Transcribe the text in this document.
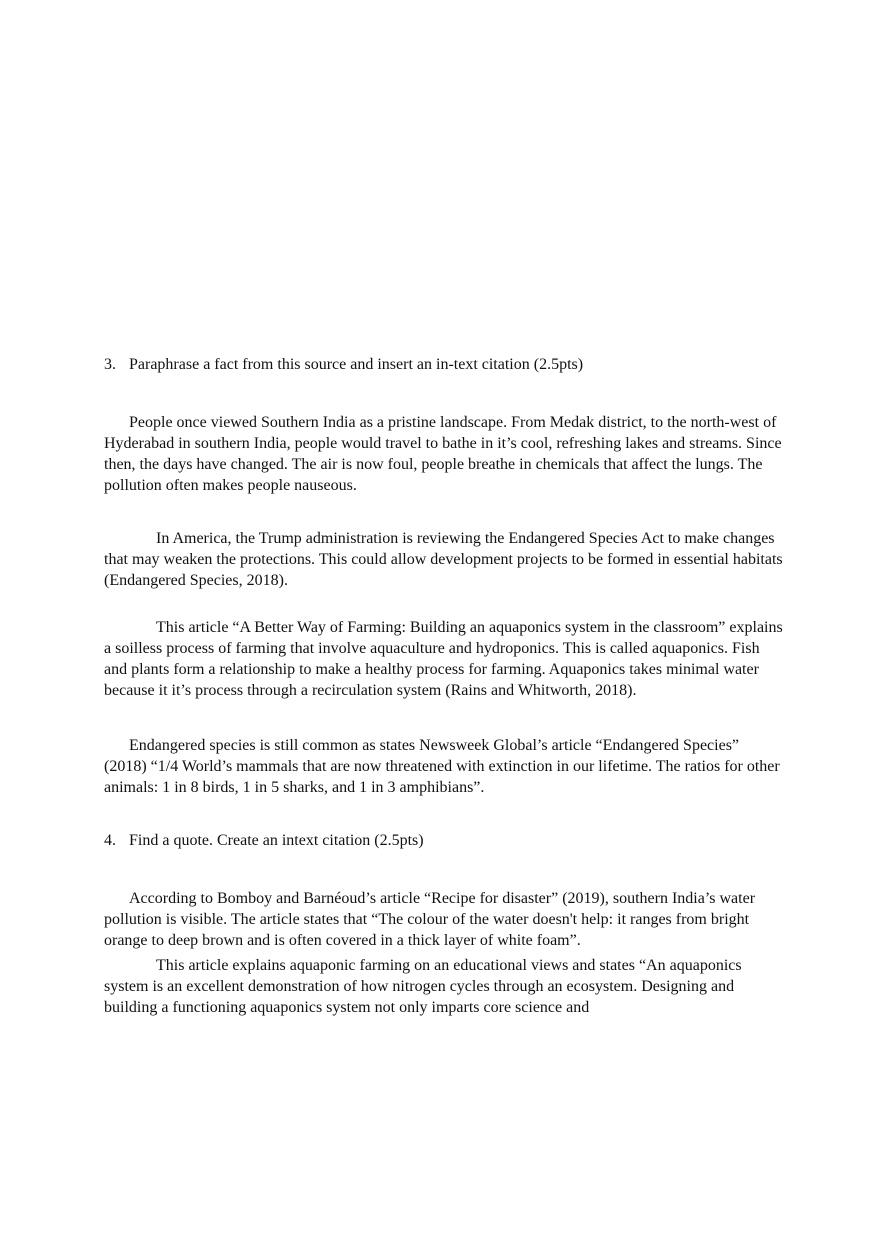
3. Paraphrase a fact from this source and insert an in-text citation (2.5pts)

People once viewed Southern India as a pristine landscape. From Medak district, to the north-west of Hyderabad in southern India, people would travel to bathe in it’s cool, refreshing lakes and streams. Since then, the days have changed. The air is now foul, people breathe in chemicals that affect the lungs. The pollution often makes people nauseous.

In America, the Trump administration is reviewing the Endangered Species Act to make changes that may weaken the protections. This could allow development projects to be formed in essential habitats (Endangered Species, 2018).

This article “A Better Way of Farming: Building an aquaponics system in the classroom” explains a soilless process of farming that involve aquaculture and hydroponics. This is called aquaponics. Fish and plants form a relationship to make a healthy process for farming. Aquaponics takes minimal water because it it’s process through a recirculation system (Rains and Whitworth, 2018).

Endangered species is still common as states Newsweek Global’s article “Endangered Species” (2018) “1/4 World’s mammals that are now threatened with extinction in our lifetime. The ratios for other animals: 1 in 8 birds, 1 in 5 sharks, and 1 in 3 amphibians”.

4. Find a quote. Create an intext citation (2.5pts)

According to Bomboy and Barnéoud’s article “Recipe for disaster” (2019), southern India’s water pollution is visible. The article states that “The colour of the water doesn't help: it ranges from bright orange to deep brown and is often covered in a thick layer of white foam”.

This article explains aquaponic farming on an educational views and states “An aquaponics system is an excellent demonstration of how nitrogen cycles through an ecosystem. Designing and building a functioning aquaponics system not only imparts core science and
